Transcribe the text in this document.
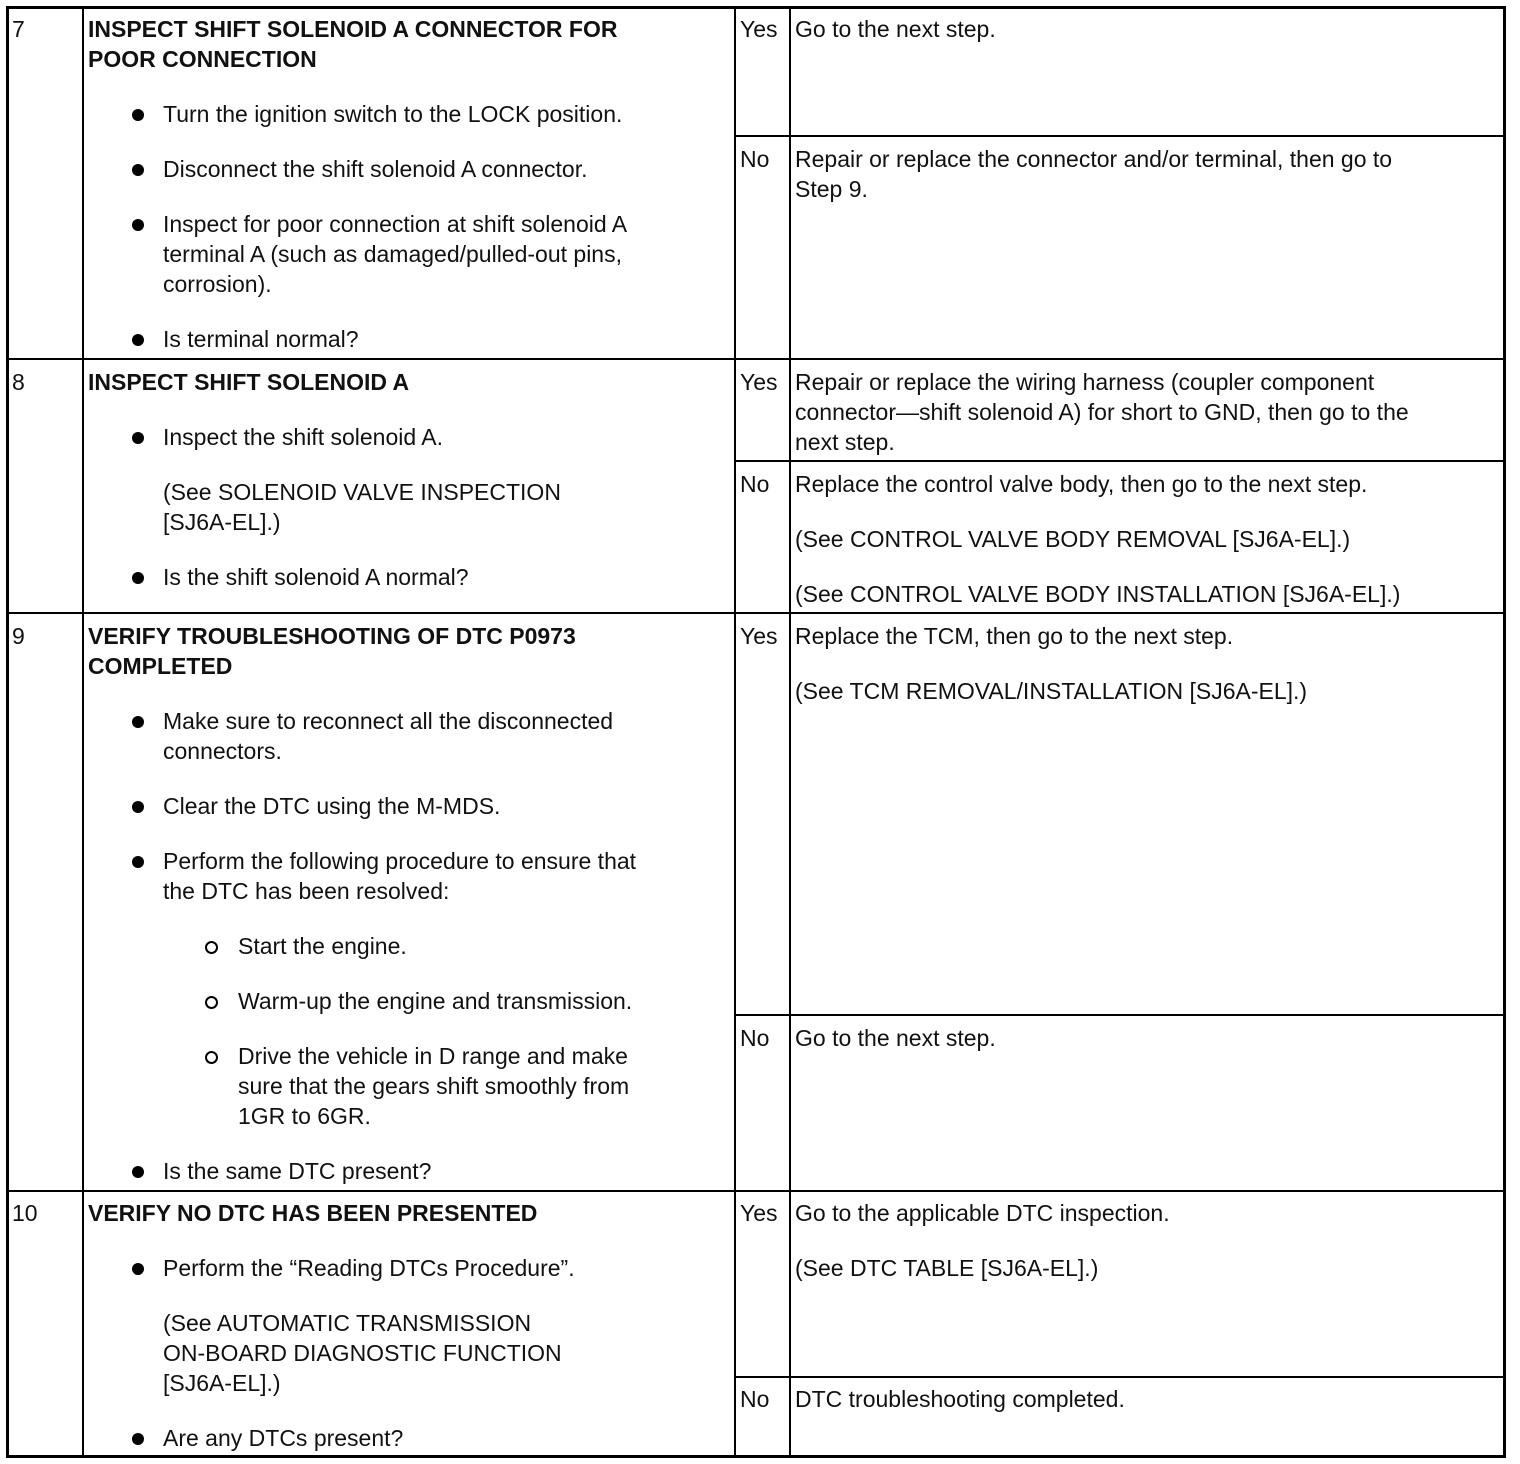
7	INSPECT SHIFT SOLENOID A CONNECTOR FOR
POOR CONNECTION
Turn the ignition switch to the LOCK position.
Disconnect the shift solenoid A connector.
Inspect for poor connection at shift solenoid A
terminal A (such as damaged/pulled-out pins,
corrosion).
Is terminal normal?
Yes Go to the next step.
No Repair or replace the connector and/or terminal, then go to
Step 9.
8	INSPECT SHIFT SOLENOID A
Inspect the shift solenoid A.
(See SOLENOID VALVE INSPECTION
[SJ6A-EL].)
Is the shift solenoid A normal?
Yes Repair or replace the wiring harness (coupler component
connector—shift solenoid A) for short to GND, then go to the
next step.
No Replace the control valve body, then go to the next step.
(See CONTROL VALVE BODY REMOVAL [SJ6A-EL].)
(See CONTROL VALVE BODY INSTALLATION [SJ6A-EL].)
9	VERIFY TROUBLESHOOTING OF DTC P0973
COMPLETED
Make sure to reconnect all the disconnected
connectors.
Clear the DTC using the M-MDS.
Perform the following procedure to ensure that
the DTC has been resolved:
Is the same DTC present?
Start the engine.
Warm-up the engine and transmission.
Drive the vehicle in D range and make
sure that the gears shift smoothly from
1GR to 6GR.
Yes Replace the TCM, then go to the next step.
(See TCM REMOVAL/INSTALLATION [SJ6A-EL].)
No Go to the next step.
10 VERIFY NO DTC HAS BEEN PRESENTED
Perform the “Reading DTCs Procedure”.
(See AUTOMATIC TRANSMISSION
ON-BOARD DIAGNOSTIC FUNCTION
[SJ6A-EL].)
Are any DTCs present?
Yes Go to the applicable DTC inspection.
(See DTC TABLE [SJ6A-EL].)
No DTC troubleshooting completed.
